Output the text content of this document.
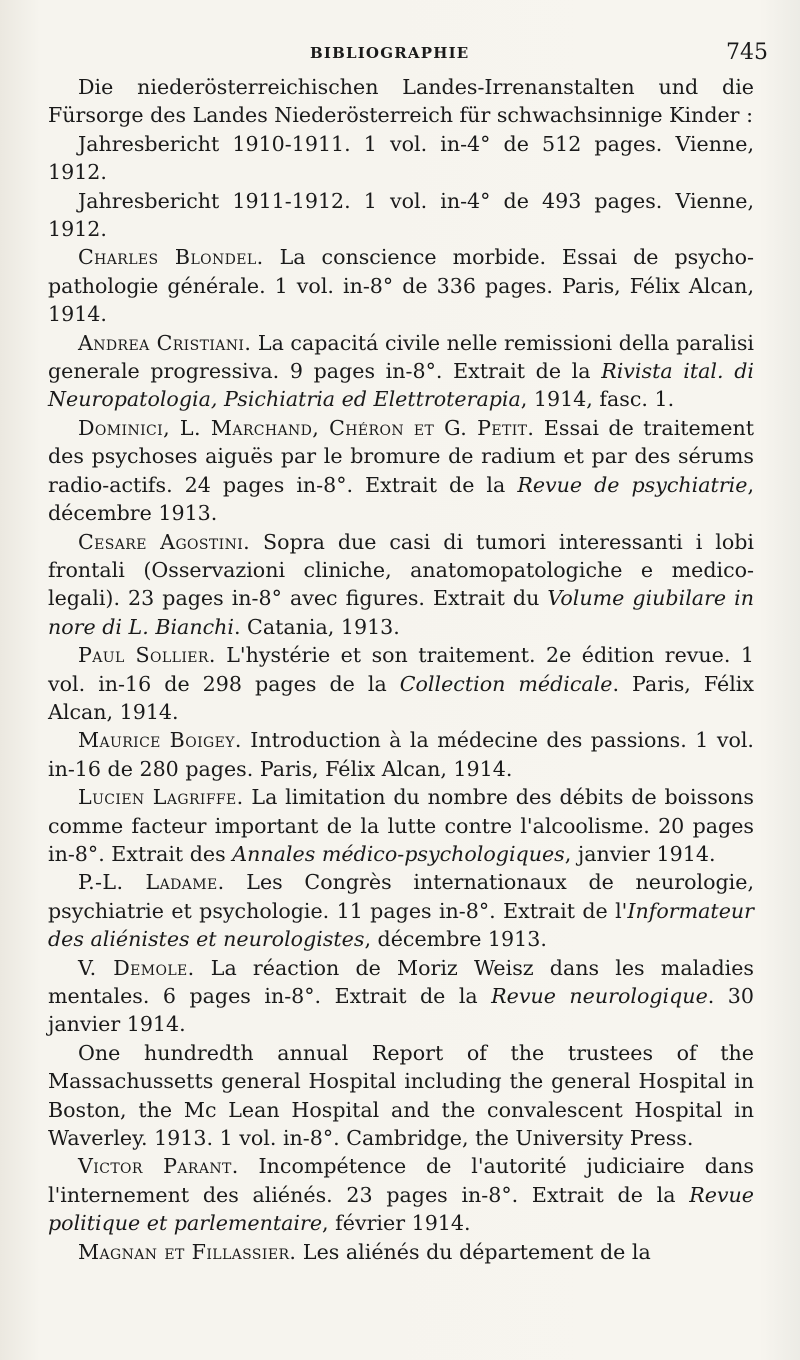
BIBLIOGRAPHIE	745

Die niederösterreichischen Landes-Irrenanstalten und die Fürsorge des Landes Niederösterreich für schwachsinnige Kinder :

Jahresbericht 1910-1911. 1 vol. in-4° de 512 pages. Vienne, 1912.

Jahresbericht 1911-1912. 1 vol. in-4° de 493 pages. Vienne, 1912.

Charles Blondel. La conscience morbide. Essai de psycho-pathologie générale. 1 vol. in-8° de 336 pages. Paris, Félix Alcan, 1914.

Andrea Cristiani. La capacitá civile nelle remissioni della paralisi generale progressiva. 9 pages in-8°. Extrait de la Rivista ital. di Neuropatologia, Psichiatria ed Elettroterapia, 1914, fasc. 1.

Dominici, L. Marchand, Chéron et G. Petit. Essai de traitement des psychoses aiguës par le bromure de radium et par des sérums radio-actifs. 24 pages in-8°. Extrait de la Revue de psychiatrie, décembre 1913.

Cesare Agostini. Sopra due casi di tumori interessanti i lobi frontali (Osservazioni cliniche, anatomopatologiche e medico-legali). 23 pages in-8° avec figures. Extrait du Volume giubilare in nore di L. Bianchi. Catania, 1913.

Paul Sollier. L'hystérie et son traitement. 2e édition revue. 1 vol. in-16 de 298 pages de la Collection médicale. Paris, Félix Alcan, 1914.

Maurice Boigey. Introduction à la médecine des passions. 1 vol. in-16 de 280 pages. Paris, Félix Alcan, 1914.

Lucien Lagriffe. La limitation du nombre des débits de boissons comme facteur important de la lutte contre l'alcoolisme. 20 pages in-8°. Extrait des Annales médico-psychologiques, janvier 1914.

P.-L. Ladame. Les Congrès internationaux de neurologie, psychiatrie et psychologie. 11 pages in-8°. Extrait de l'Informateur des aliénistes et neurologistes, décembre 1913.

V. Demole. La réaction de Moriz Weisz dans les maladies mentales. 6 pages in-8°. Extrait de la Revue neurologique. 30 janvier 1914.

One hundredth annual Report of the trustees of the Massachussetts general Hospital including the general Hospital in Boston, the Mc Lean Hospital and the convalescent Hospital in Waverley. 1913. 1 vol. in-8°. Cambridge, the University Press.

Victor Parant. Incompétence de l'autorité judiciaire dans l'internement des aliénés. 23 pages in-8°. Extrait de la Revue politique et parlementaire, février 1914.

Magnan et Fillassier. Les aliénés du département de la
